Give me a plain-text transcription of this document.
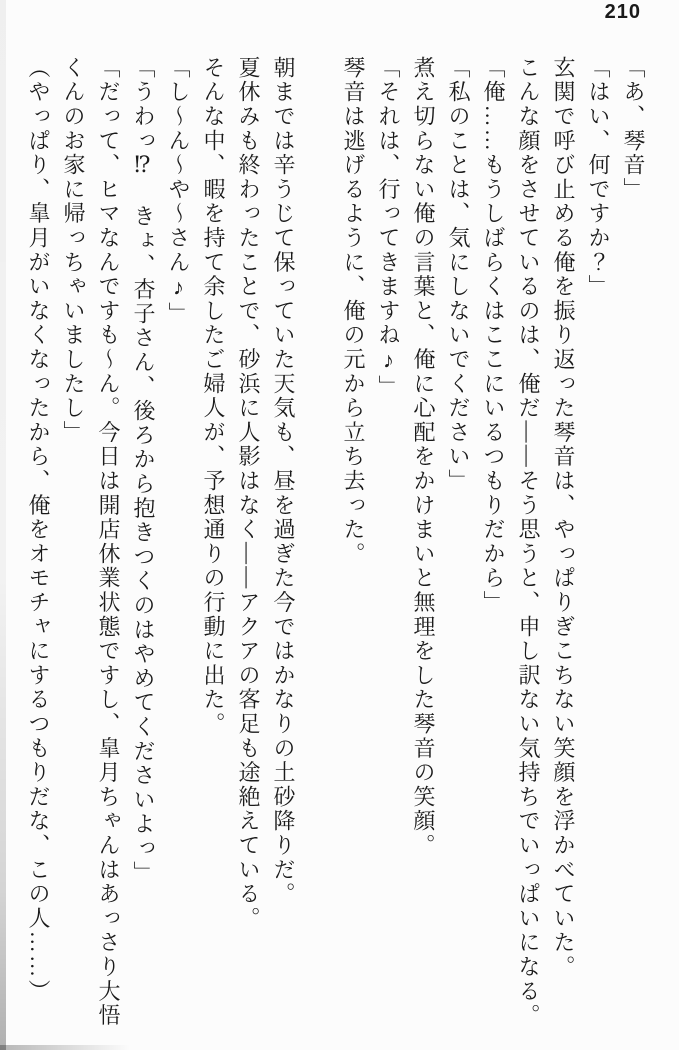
210

「あ、琴音」

「はい、何ですか？」

玄関で呼び止める俺を振り返った琴音は、やっぱりぎこちない笑顔を浮かべていた。

こんな顔をさせているのは、俺だ――そう思うと、申し訳ない気持ちでいっぱいになる。

「俺……もうしばらくはここにいるつもりだから」

「私のことは、気にしないでください」

煮え切らない俺の言葉と、俺に心配をかけまいと無理をした琴音の笑顔。

「それは、行ってきますね♪」

琴音は逃げるように、俺の元から立ち去った。

朝までは辛うじて保っていた天気も、昼を過ぎた今ではかなりの土砂降りだ。

夏休みも終わったことで、砂浜に人影はなく――アクアの客足も途絶えている。

そんな中、暇を持て余したご婦人が、予想通りの行動に出た。

「し〜ん〜や〜さん♪」

「うわっ⁉　きょ、杏子さん、後ろから抱きつくのはやめてくださいよっ」

「だって、ヒマなんですも〜ん。今日は開店休業状態ですし、皐月ちゃんはあっさり大悟

くんのお家に帰っちゃいましたし」

（やっぱり、皐月がいなくなったから、俺をオモチャにするつもりだな、この人……）
